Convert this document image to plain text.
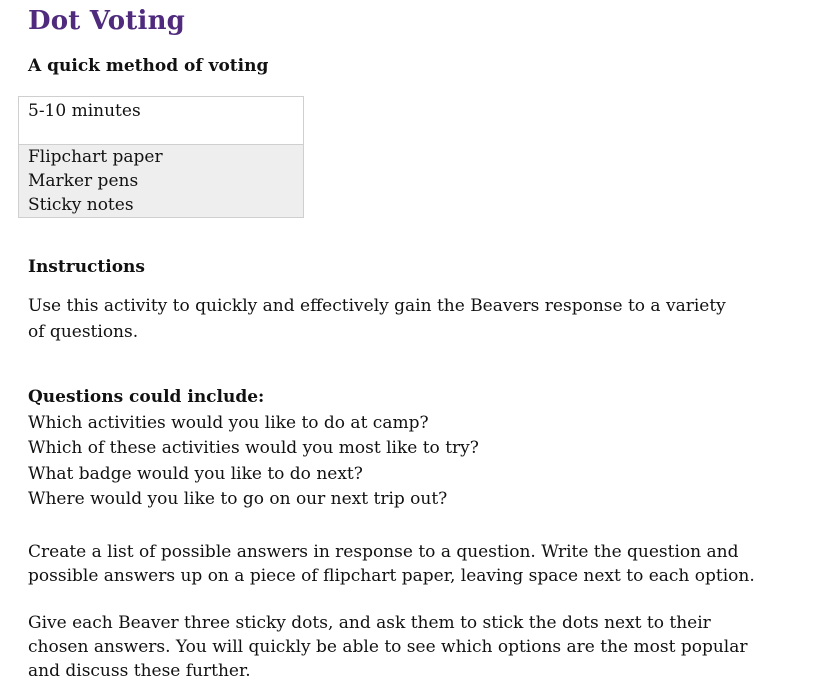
Dot Voting

A quick method of voting

5-10 minutes
Flipchart paper
Marker pens
Sticky notes
Instructions

Use this activity to quickly and effectively gain the Beavers response to a variety of questions.

Questions could include:
Which activities would you like to do at camp?
Which of these activities would you most like to try?
What badge would you like to do next?
Where would you like to go on our next trip out?

Create a list of possible answers in response to a question. Write the question and possible answers up on a piece of flipchart paper, leaving space next to each option.

Give each Beaver three sticky dots, and ask them to stick the dots next to their chosen answers. You will quickly be able to see which options are the most popular and discuss these further.
